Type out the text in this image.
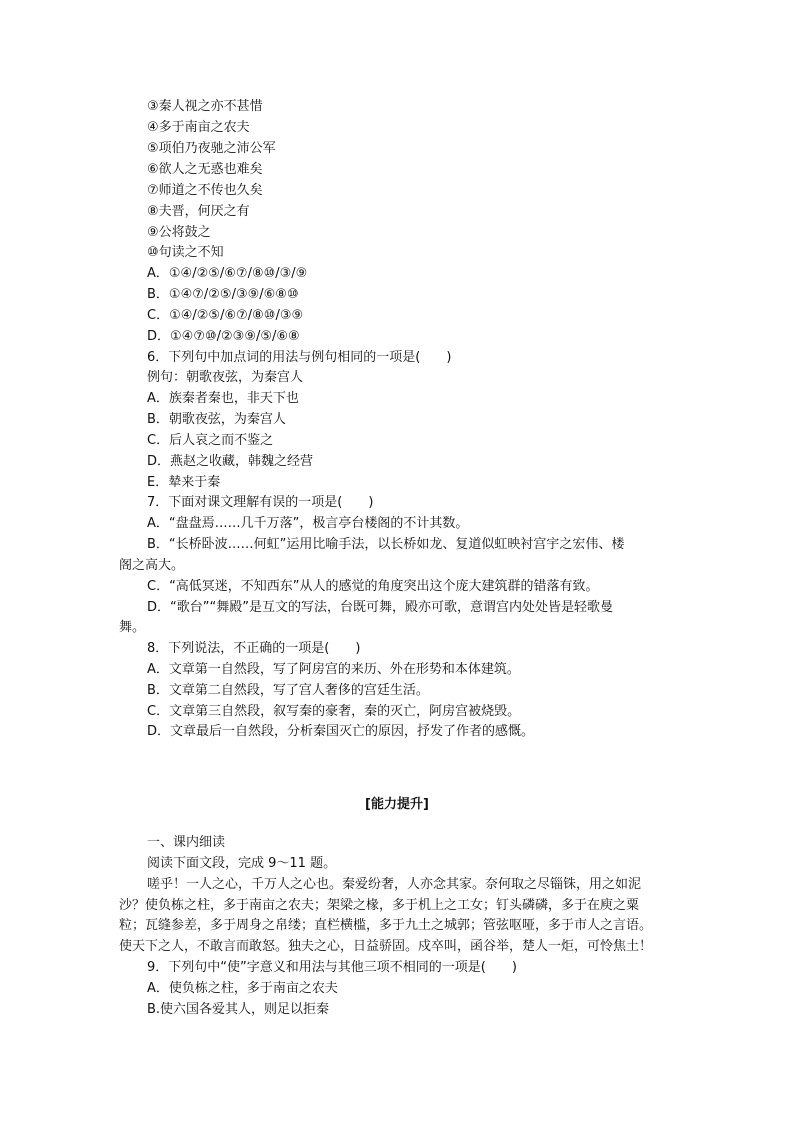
③秦人视之亦不甚惜
④多于南亩之农夫
⑤项伯乃夜驰之沛公军
⑥欲人之无惑也难矣
⑦师道之不传也久矣
⑧夫晋，何厌之有
⑨公将鼓之
⑩句读之不知
A．①④/②⑤/⑥⑦/⑧⑩/③/⑨
B．①④⑦/②⑤/③⑨/⑥⑧⑩
C．①④/②⑤/⑥⑦/⑧⑩/③⑨
D．①④⑦⑩/②③⑨/⑤/⑥⑧
6．下列句中加点词的用法与例句相同的一项是(　　)
例句：朝歌夜弦，为秦宫人
A．族秦者秦也，非天下也
B．朝歌夜弦，为秦宫人
C．后人哀之而不鉴之
D．燕赵之收藏，韩魏之经营
E．辇来于秦
7．下面对课文理解有误的一项是(　　)
A．“盘盘焉……几千万落”，极言亭台楼阁的不计其数。
B．“长桥卧波……何虹”运用比喻手法，以长桥如龙、复道似虹映衬宫宇之宏伟、楼
阁之高大。
C．“高低冥迷，不知西东”从人的感觉的角度突出这个庞大建筑群的错落有致。
D．“歌台”“舞殿”是互文的写法，台既可舞，殿亦可歌，意谓宫内处处皆是轻歌曼
舞。
8．下列说法，不正确的一项是(　　)
A．文章第一自然段，写了阿房宫的来历、外在形势和本体建筑。
B．文章第二自然段，写了宫人奢侈的宫廷生活。
C．文章第三自然段，叙写秦的豪奢，秦的灭亡，阿房宫被烧毁。
D．文章最后一自然段，分析秦国灭亡的原因，抒发了作者的感慨。
[能力提升]
一、课内细读
阅读下面文段，完成 9～11 题。
嗟乎！一人之心，千万人之心也。秦爱纷奢，人亦念其家。奈何取之尽锱铢，用之如泥
沙？使负栋之柱，多于南亩之农夫；架梁之椽，多于机上之工女；钉头磷磷，多于在庾之粟
粒；瓦缝参差，多于周身之帛缕；直栏横槛，多于九土之城郭；管弦呕哑，多于市人之言语。
使天下之人，不敢言而敢怒。独夫之心，日益骄固。戍卒叫，函谷举，楚人一炬，可怜焦土！
9．下列句中“使”字意义和用法与其他三项不相同的一项是(　　)
A．使负栋之柱，多于南亩之农夫
B.使六国各爱其人，则足以拒秦
